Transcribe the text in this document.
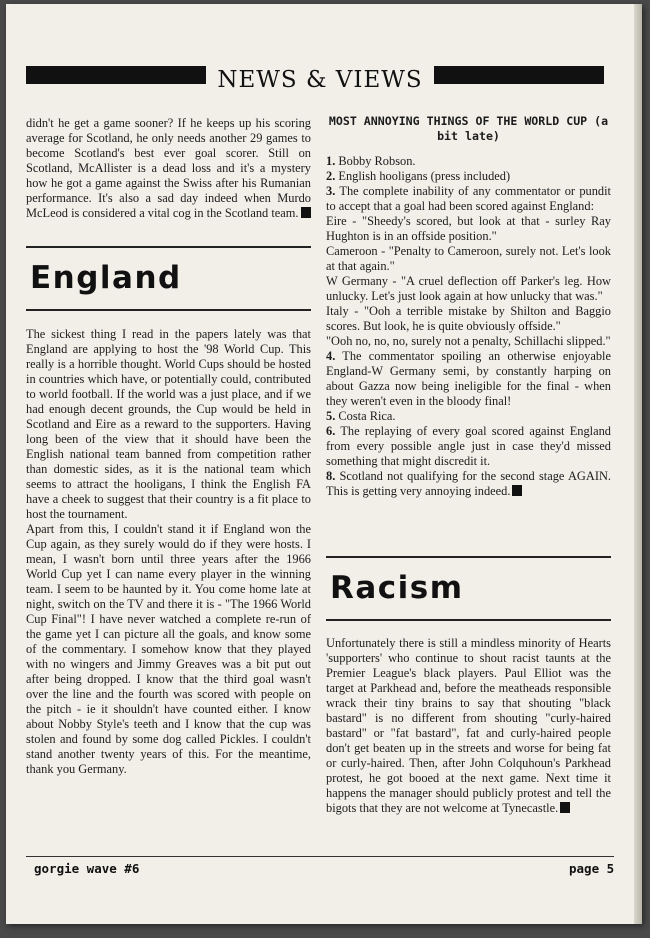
NEWS & VIEWS

didn't he get a game sooner? If he keeps up his scoring average for Scotland, he only needs another 29 games to become Scotland's best ever goal scorer. Still on Scotland, McAllister is a dead loss and it's a mystery how he got a game against the Swiss after his Rumanian performance. It's also a sad day indeed when Murdo McLeod is considered a vital cog in the Scotland team.

England

The sickest thing I read in the papers lately was that England are applying to host the '98 World Cup. This really is a horrible thought. World Cups should be hosted in countries which have, or potentially could, contributed to world football. If the world was a just place, and if we had enough decent grounds, the Cup would be held in Scotland and Eire as a reward to the supporters. Having long been of the view that it should have been the English national team banned from competition rather than domestic sides, as it is the national team which seems to attract the hooligans, I think the English FA have a cheek to suggest that their country is a fit place to host the tournament.

Apart from this, I couldn't stand it if England won the Cup again, as they surely would do if they were hosts. I mean, I wasn't born until three years after the 1966 World Cup yet I can name every player in the winning team. I seem to be haunted by it. You come home late at night, switch on the TV and there it is - "The 1966 World Cup Final"! I have never watched a complete re-run of the game yet I can picture all the goals, and know some of the commentary. I somehow know that they played with no wingers and Jimmy Greaves was a bit put out after being dropped. I know that the third goal wasn't over the line and the fourth was scored with people on the pitch - ie it shouldn't have counted either. I know about Nobby Style's teeth and I know that the cup was stolen and found by some dog called Pickles. I couldn't stand another twenty years of this. For the meantime, thank you Germany.

MOST ANNOYING THINGS OF THE WORLD CUP (a bit late)

1. Bobby Robson.

2. English hooligans (press included)

3. The complete inability of any commentator or pundit to accept that a goal had been scored against England:

Eire - "Sheedy's scored, but look at that - surley Ray Hughton is in an offside position."

Cameroon - "Penalty to Cameroon, surely not. Let's look at that again."

W Germany - "A cruel deflection off Parker's leg. How unlucky. Let's just look again at how unlucky that was."

Italy - "Ooh a terrible mistake by Shilton and Baggio scores. But look, he is quite obviously offside."

"Ooh no, no, no, surely not a penalty, Schillachi slipped."

4. The commentator spoiling an otherwise enjoyable England-W Germany semi, by constantly harping on about Gazza now being ineligible for the final - when they weren't even in the bloody final!

5. Costa Rica.

6. The replaying of every goal scored against England from every possible angle just in case they'd missed something that might discredit it.

8. Scotland not qualifying for the second stage AGAIN. This is getting very annoying indeed.

Racism

Unfortunately there is still a mindless minority of Hearts 'supporters' who continue to shout racist taunts at the Premier League's black players. Paul Elliot was the target at Parkhead and, before the meatheads responsible wrack their tiny brains to say that shouting "black bastard" is no different from shouting "curly-haired bastard" or "fat bastard", fat and curly-haired people don't get beaten up in the streets and worse for being fat or curly-haired. Then, after John Colquhoun's Parkhead protest, he got booed at the next game. Next time it happens the manager should publicly protest and tell the bigots that they are not welcome at Tynecastle.

gorgie wave #6	page 5
